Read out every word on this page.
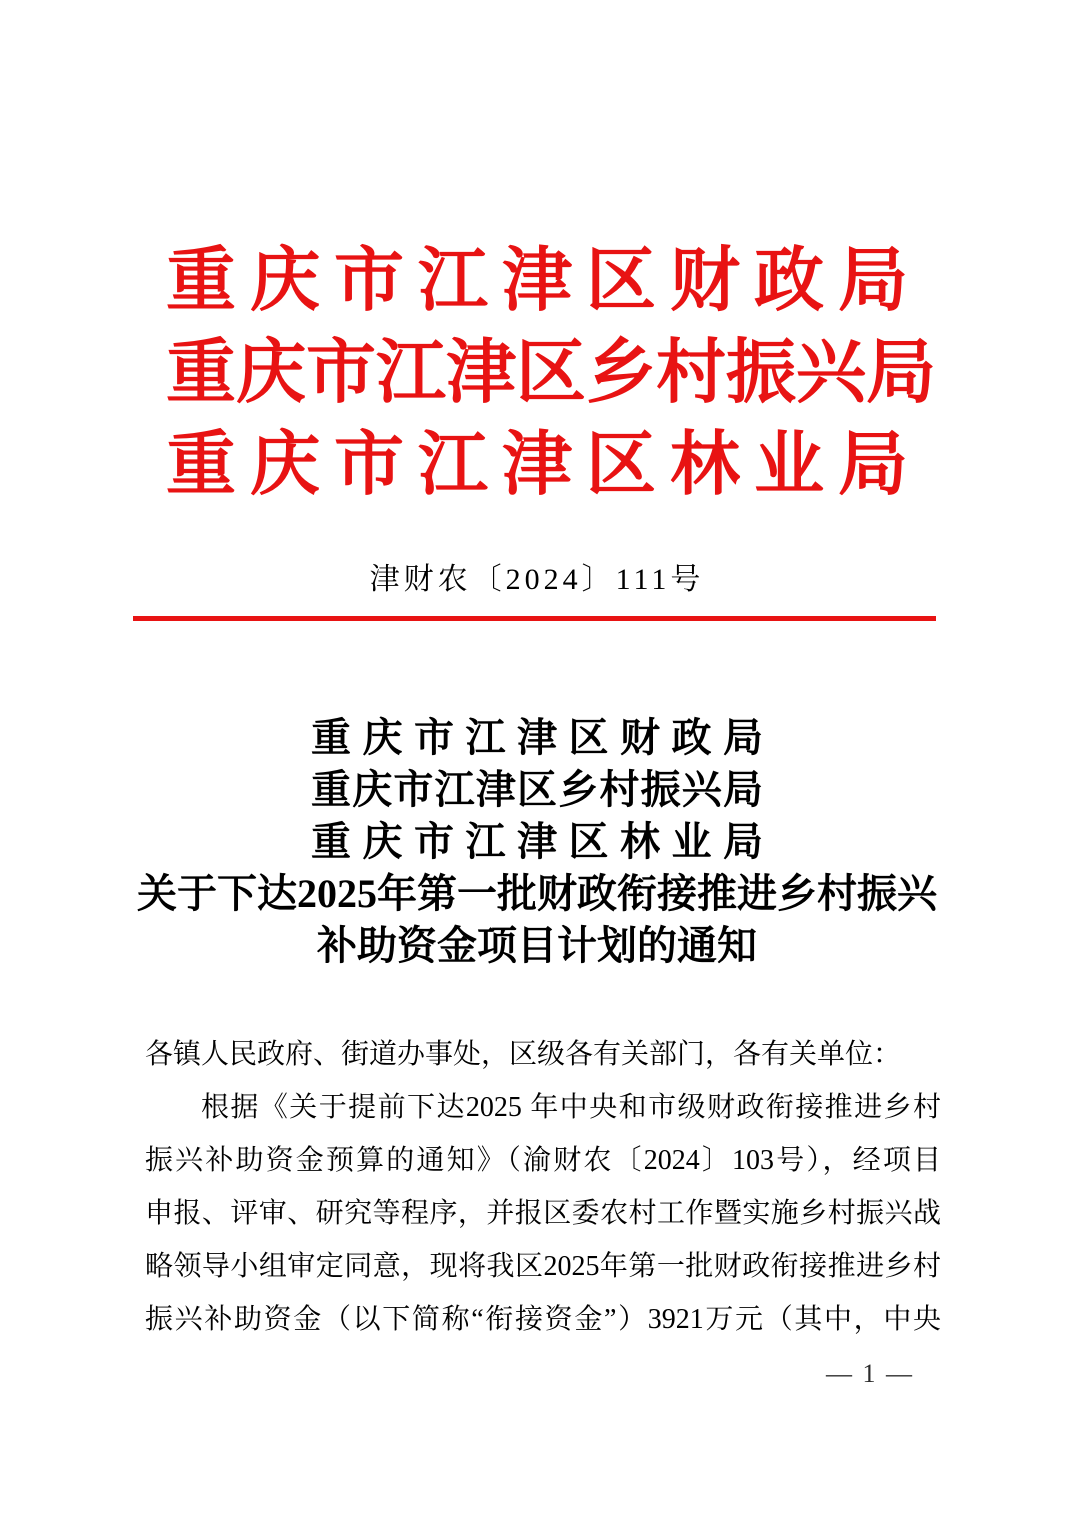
重庆市江津区财政局
重庆市江津区乡村振兴局
重庆市江津区林业局
津财农〔2024〕111号
重庆市江津区财政局
重庆市江津区乡村振兴局
重庆市江津区林业局
关于下达2025年第一批财政衔接推进乡村振兴
补助资金项目计划的通知
各镇人民政府、街道办事处，区级各有关部门，各有关单位：
根据《关于提前下达2025 年中央和市级财政衔接推进乡村
振兴补助资金预算的通知》（渝财农〔2024〕103号），经项目
申报、评审、研究等程序，并报区委农村工作暨实施乡村振兴战
略领导小组审定同意，现将我区2025年第一批财政衔接推进乡村
振兴补助资金（以下简称“衔接资金”）3921万元（其中，中央
— 1 —
